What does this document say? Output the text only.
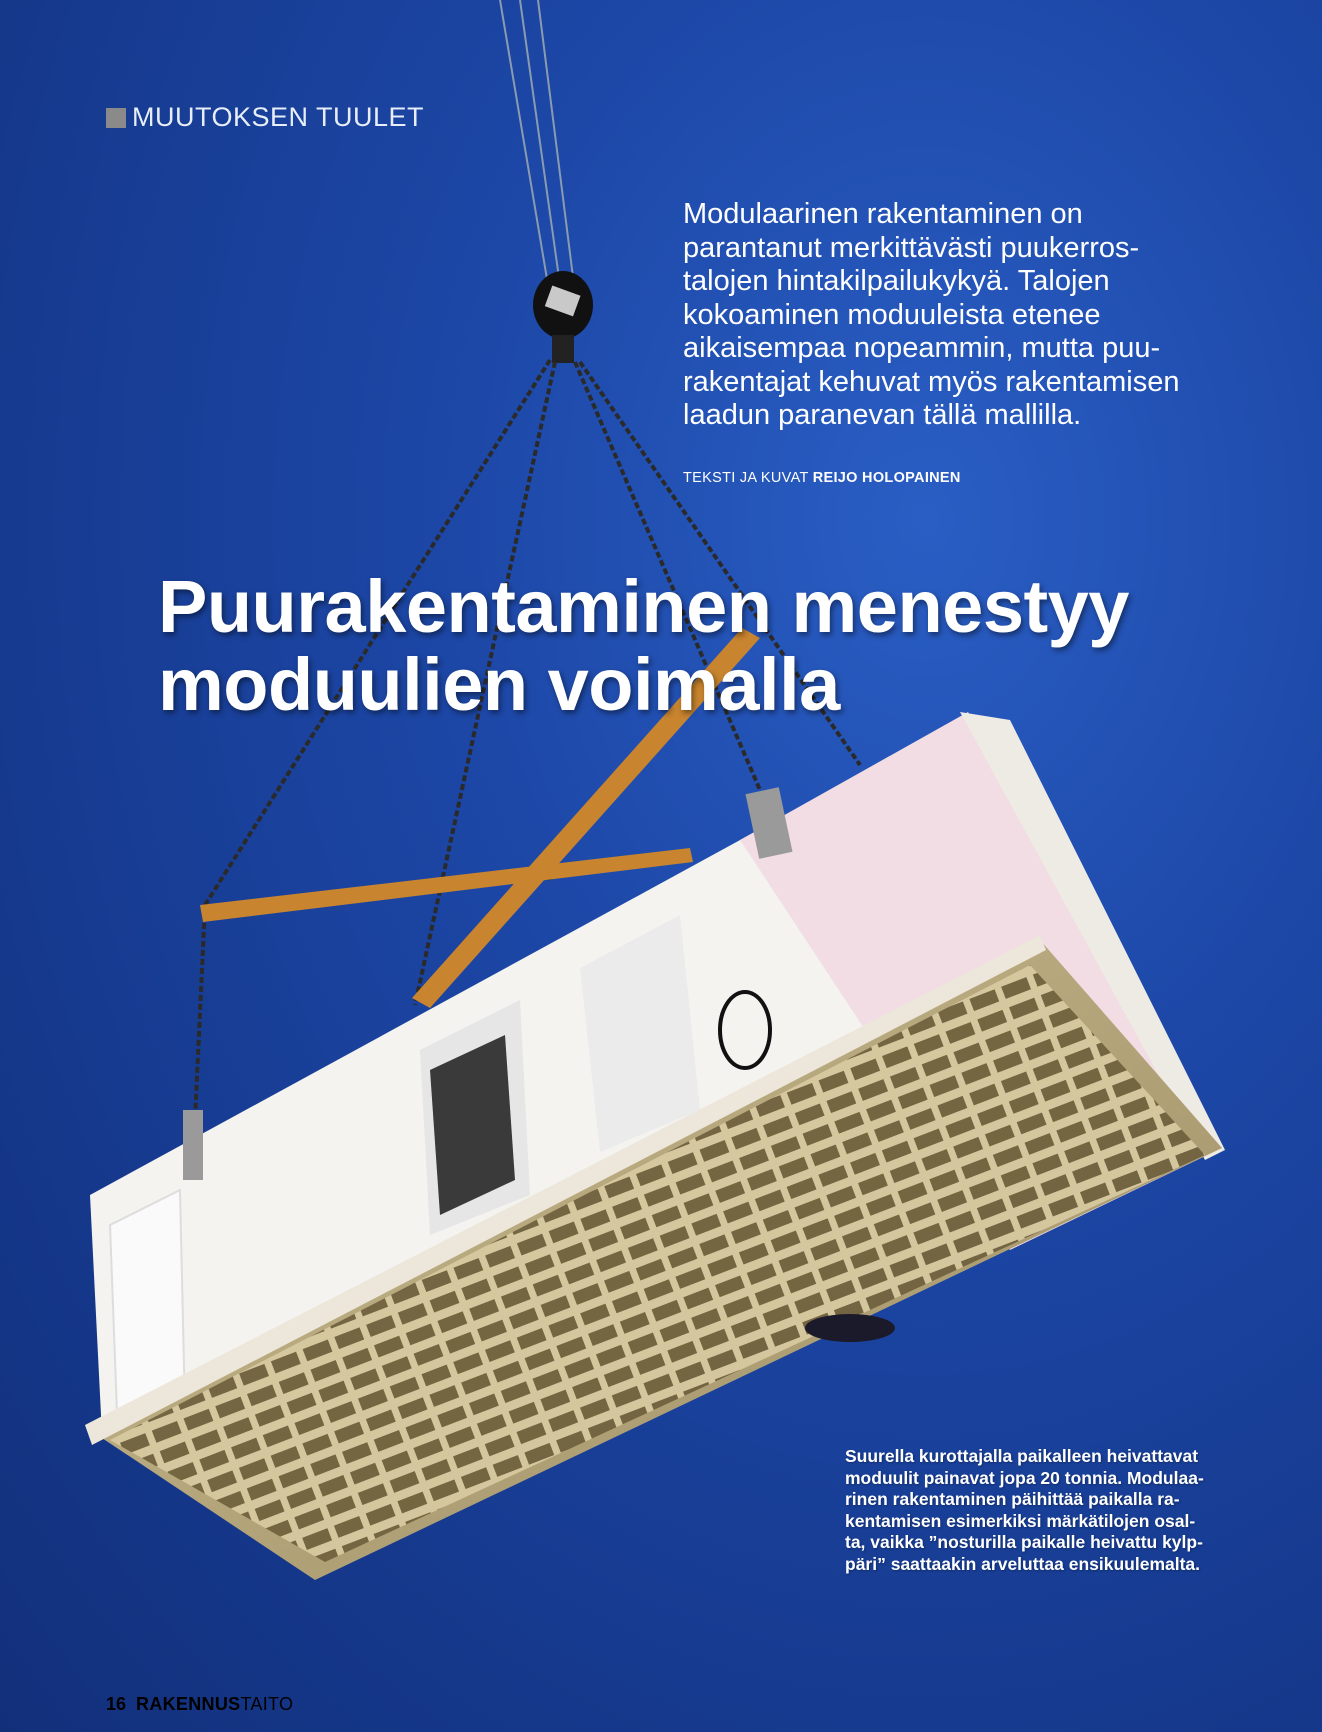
MUUTOKSEN TUULET
Modulaarinen rakentaminen on
parantanut merkittävästi puukerros-
talojen hintakilpailukykyä. Talojen
kokoaminen moduuleista etenee
aikaisempaa nopeammin, mutta puu-
rakentajat kehuvat myös rakentamisen
laadun paranevan tällä mallilla.
TEKSTI JA KUVAT REIJO HOLOPAINEN
Puurakentaminen menestyy
moduulien voimalla
Suurella kurottajalla paikalleen heivattavat
moduulit painavat jopa 20 tonnia. Modulaa-
rinen rakentaminen päihittää paikalla ra-
kentamisen esimerkiksi märkätilojen osal-
ta, vaikka ”nosturilla paikalle heivattu kylp-
päri” saattaakin arveluttaa ensikuulemalta.
16 RAKENNUSTAITO
